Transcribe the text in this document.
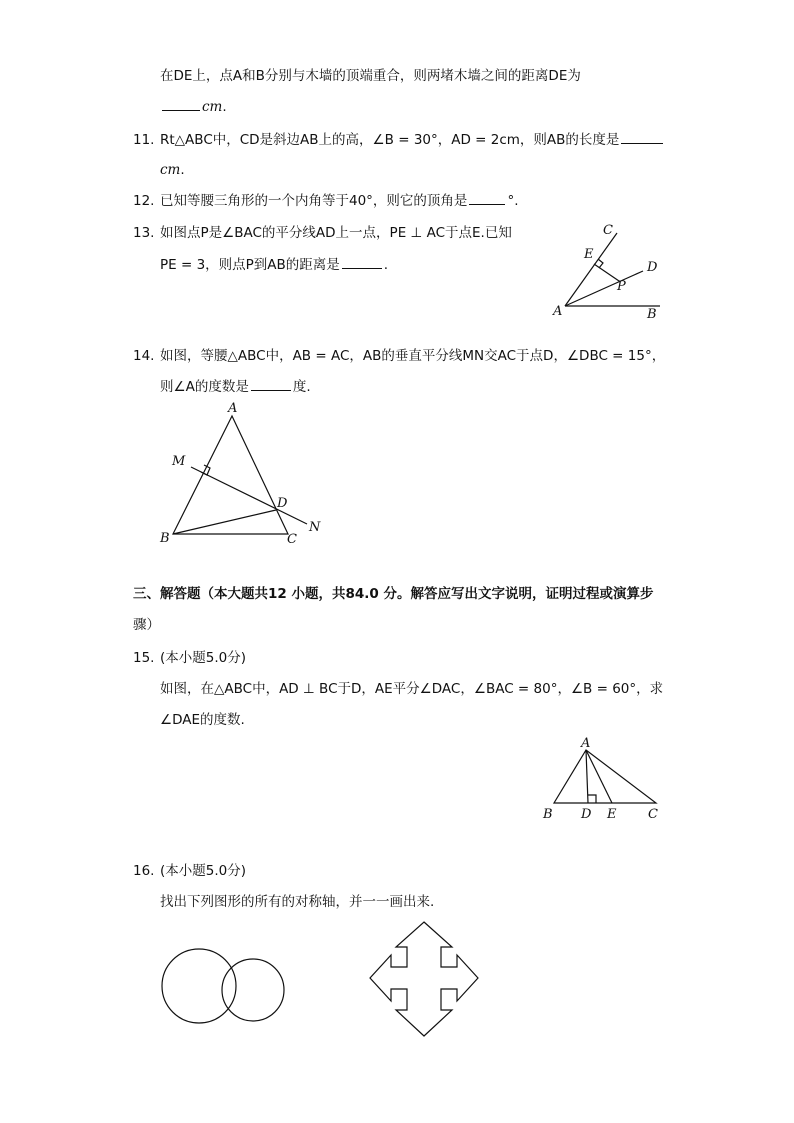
在DE上，点A和B分别与木墙的顶端重合，则两堵木墙之间的距离DE为
cm.
11. Rt△ABC中，CD是斜边AB上的高，∠B = 30°，AD = 2cm，则AB的长度是
cm.
12. 已知等腰三角形的一个内角等于40°，则它的顶角是	°.
13. 如图点P是∠BAC的平分线AD上一点，PE ⊥ AC于点E.已知
PE = 3，则点P到AB的距离是	.
C
E
D
P
A	B
14. 如图，等腰△ABC中，AB = AC，AB的垂直平分线MN交AC于点D，∠DBC = 15°，
则∠A的度数是	度.
A
M
D
N
B	C
三、解答题（本大题共12 小题，共84.0 分。解答应写出文字说明，证明过程或演算步
骤）
15. (本小题5.0分)
如图，在△ABC中，AD ⊥ BC于D，AE平分∠DAC，∠BAC = 80°，∠B = 60°，求
∠DAE的度数.
A
B D E C
16. (本小题5.0分)
找出下列图形的所有的对称轴，并一一画出来.
